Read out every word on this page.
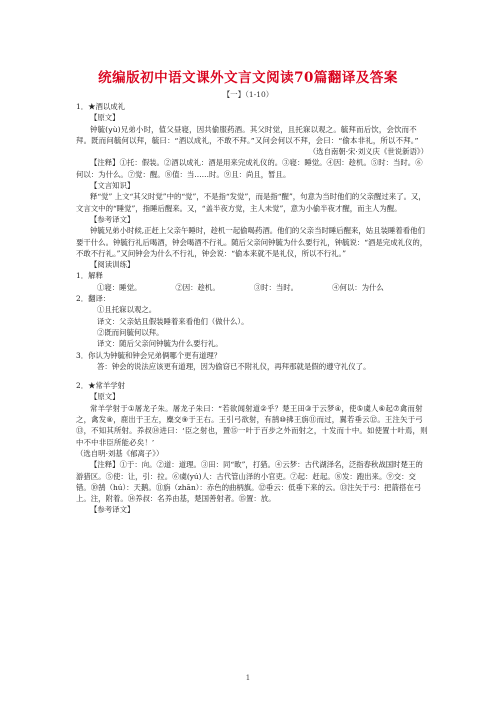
统编版初中语文课外文言文阅读70篇翻译及答案
【一】（1-10）

1．★酒以成礼

【原文】

钟毓(yù)兄弟小时，值父昼寝，因共偷服药酒。其父时觉，且托寐以观之。毓拜而后饮，会饮而不拜。既而问毓何以拜，毓曰：“酒以成礼，不敢不拜。”又问会何以不拜，会曰：“偷本非礼，所以不拜。”

（选自南朝·宋·刘义庆《世说新语》）

【注释】①托：假装。②酒以成礼：酒是用来完成礼仪的。③寝：睡觉。④因：趁机。⑤时：当时。⑥何以：为什么。⑦觉：醒。⑧值：当……时。⑨且：尚且，暂且。

【文言知识】

释“觉” 上文“其父时觉”中的“觉”，不是指“发觉”，而是指“醒”，句意为当时他们的父亲醒过来了。又，文言文中的“睡觉”，指睡后醒来。又，“盖半夜方觉，主人未觉”，意为小偷半夜才醒，而主人为醒。

【参考译文】

钟毓兄弟小时候,正赶上父亲午睡时，趁机一起偷喝药酒。他们的父亲当时睡后醒来，姑且装睡着看他们要干什么。钟毓行礼后喝酒，钟会喝酒不行礼。随后父亲问钟毓为什么要行礼，钟毓说：“酒是完成礼仪的，不敢不行礼。”又问钟会为什么不行礼，钟会说：“偷本来就不是礼仪，所以不行礼。”

【阅读训练】

1．解释

①寝：睡觉。	②因：趁机。	③时：当时。	④何以：为什么

2．翻译：

①且托寐以观之。

译文：父亲姑且假装睡着来看他们（做什么）。

②既而问毓何以拜。

译文：随后父亲问钟毓为什么要行礼。

3．你认为钟毓和钟会兄弟俩哪个更有道理？

答：钟会的说法应该更有道理，因为偷窃已不附礼仪，再拜那就是假的遵守礼仪了。

2．★常羊学射

【原文】

常羊学射于①屠龙子朱。屠龙子朱曰：“若欲闻射道②乎？楚王田③于云梦④，使⑤虞人⑥起⑦禽而射之，禽发⑧，鹿出于王左，麋交⑨于王右。王引弓欲射，有鹄⑩拂王旃⑪而过，翼若垂云⑫。王注矢于弓⑬，不知其所射。养叔⑭进曰：‘臣之射也，置⑮一叶于百步之外而射之，十发而十中。如使置十叶焉，则中不中非臣所能必矣！’

（选自明·刘基《郁离子》）

【注释】①于：向。②道：道理。③田：同“畋”，打猎。④云梦：古代湖泽名，泛指春秋战国时楚王的游猎区。⑤使：让，引：拉。⑥虞(yú)人：古代管山泽的小官吏。⑦起：赶起。⑧发：跑出来。⑨交：交错。⑩鹄（hú）：天鹅。⑪旃（zhān）：赤色的曲柄旗。⑫垂云：低垂下来的云。⑬注矢于弓：把箭搭在弓上。注，附着。⑭养叔：名养由基，楚国善射者。⑮置：放。

【参考译文】

1
